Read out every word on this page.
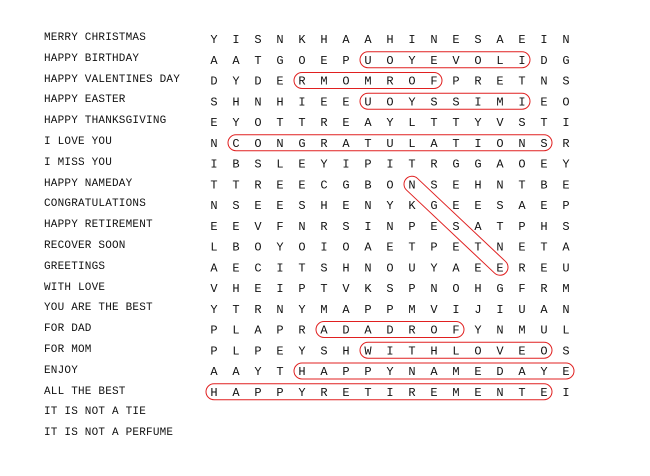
MERRY CHRISTMAS
HAPPY BIRTHDAY
HAPPY VALENTINES DAY
HAPPY EASTER
HAPPY THANKSGIVING
I LOVE YOU
I MISS YOU
HAPPY NAMEDAY
CONGRATULATIONS
HAPPY RETIREMENT
RECOVER SOON
GREETINGS
WITH LOVE
YOU ARE THE BEST
FOR DAD
FOR MOM
ENJOY
ALL THE BEST
IT IS NOT A TIE
IT IS NOT A PERFUME
Y I S N K H A A H I N E S A E I N
A A T G O E P U O Y E V O L I D G
D Y D E R M O M R O F P R E T N S
S H N H I E E U O Y S S I M I E O
E Y O T T R E A Y L T T Y V S T I
N C O N G R A T U L A T I O N S R
I B S L E Y I P I T R G G A O E Y
T T R E E C G B O N S E H N T B E
N S E E S H E N Y K G E E S A E P
E E V F N R S I N P E S A T P H S
L B O Y O I O A E T P E T N E T A
A E C I T S H N O U Y A E E R E U
V H E I P T V K S P N O H G F R M
Y T R N Y M A P P M V I J I U A N
P L A P R A D A D R O F Y N M U L
P L P E Y S H W I T H L O V E O S
A A Y T H A P P Y N A M E D A Y E
H A P P Y R E T I R E M E N T E I
